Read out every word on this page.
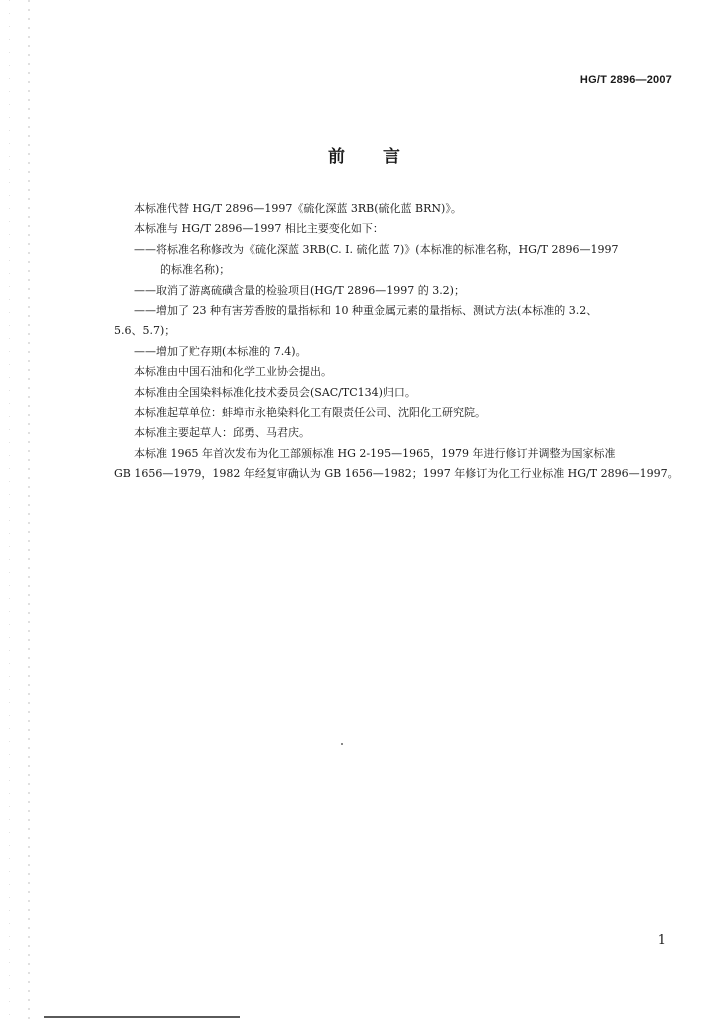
HG/T 2896—2007
前言
本标准代替 HG/T 2896—1997《硫化深蓝 3RB(硫化蓝 BRN)》。
本标准与 HG/T 2896—1997 相比主要变化如下：
——将标准名称修改为《硫化深蓝 3RB(C. I. 硫化蓝 7)》(本标准的标准名称，HG/T 2896—1997
的标准名称)；
——取消了游离硫磺含量的检验项目(HG/T 2896—1997 的 3.2)；
——增加了 23 种有害芳香胺的量指标和 10 种重金属元素的量指标、测试方法(本标准的 3.2、
5.6、5.7)；
——增加了贮存期(本标准的 7.4)。
本标准由中国石油和化学工业协会提出。
本标准由全国染料标准化技术委员会(SAC/TC134)归口。
本标准起草单位：蚌埠市永艳染料化工有限责任公司、沈阳化工研究院。
本标准主要起草人：邱勇、马君庆。
本标准 1965 年首次发布为化工部颁标准 HG 2-195—1965，1979 年进行修订并调整为国家标准
GB 1656—1979，1982 年经复审确认为 GB 1656—1982；1997 年修订为化工行业标准 HG/T 2896—1997。
1
